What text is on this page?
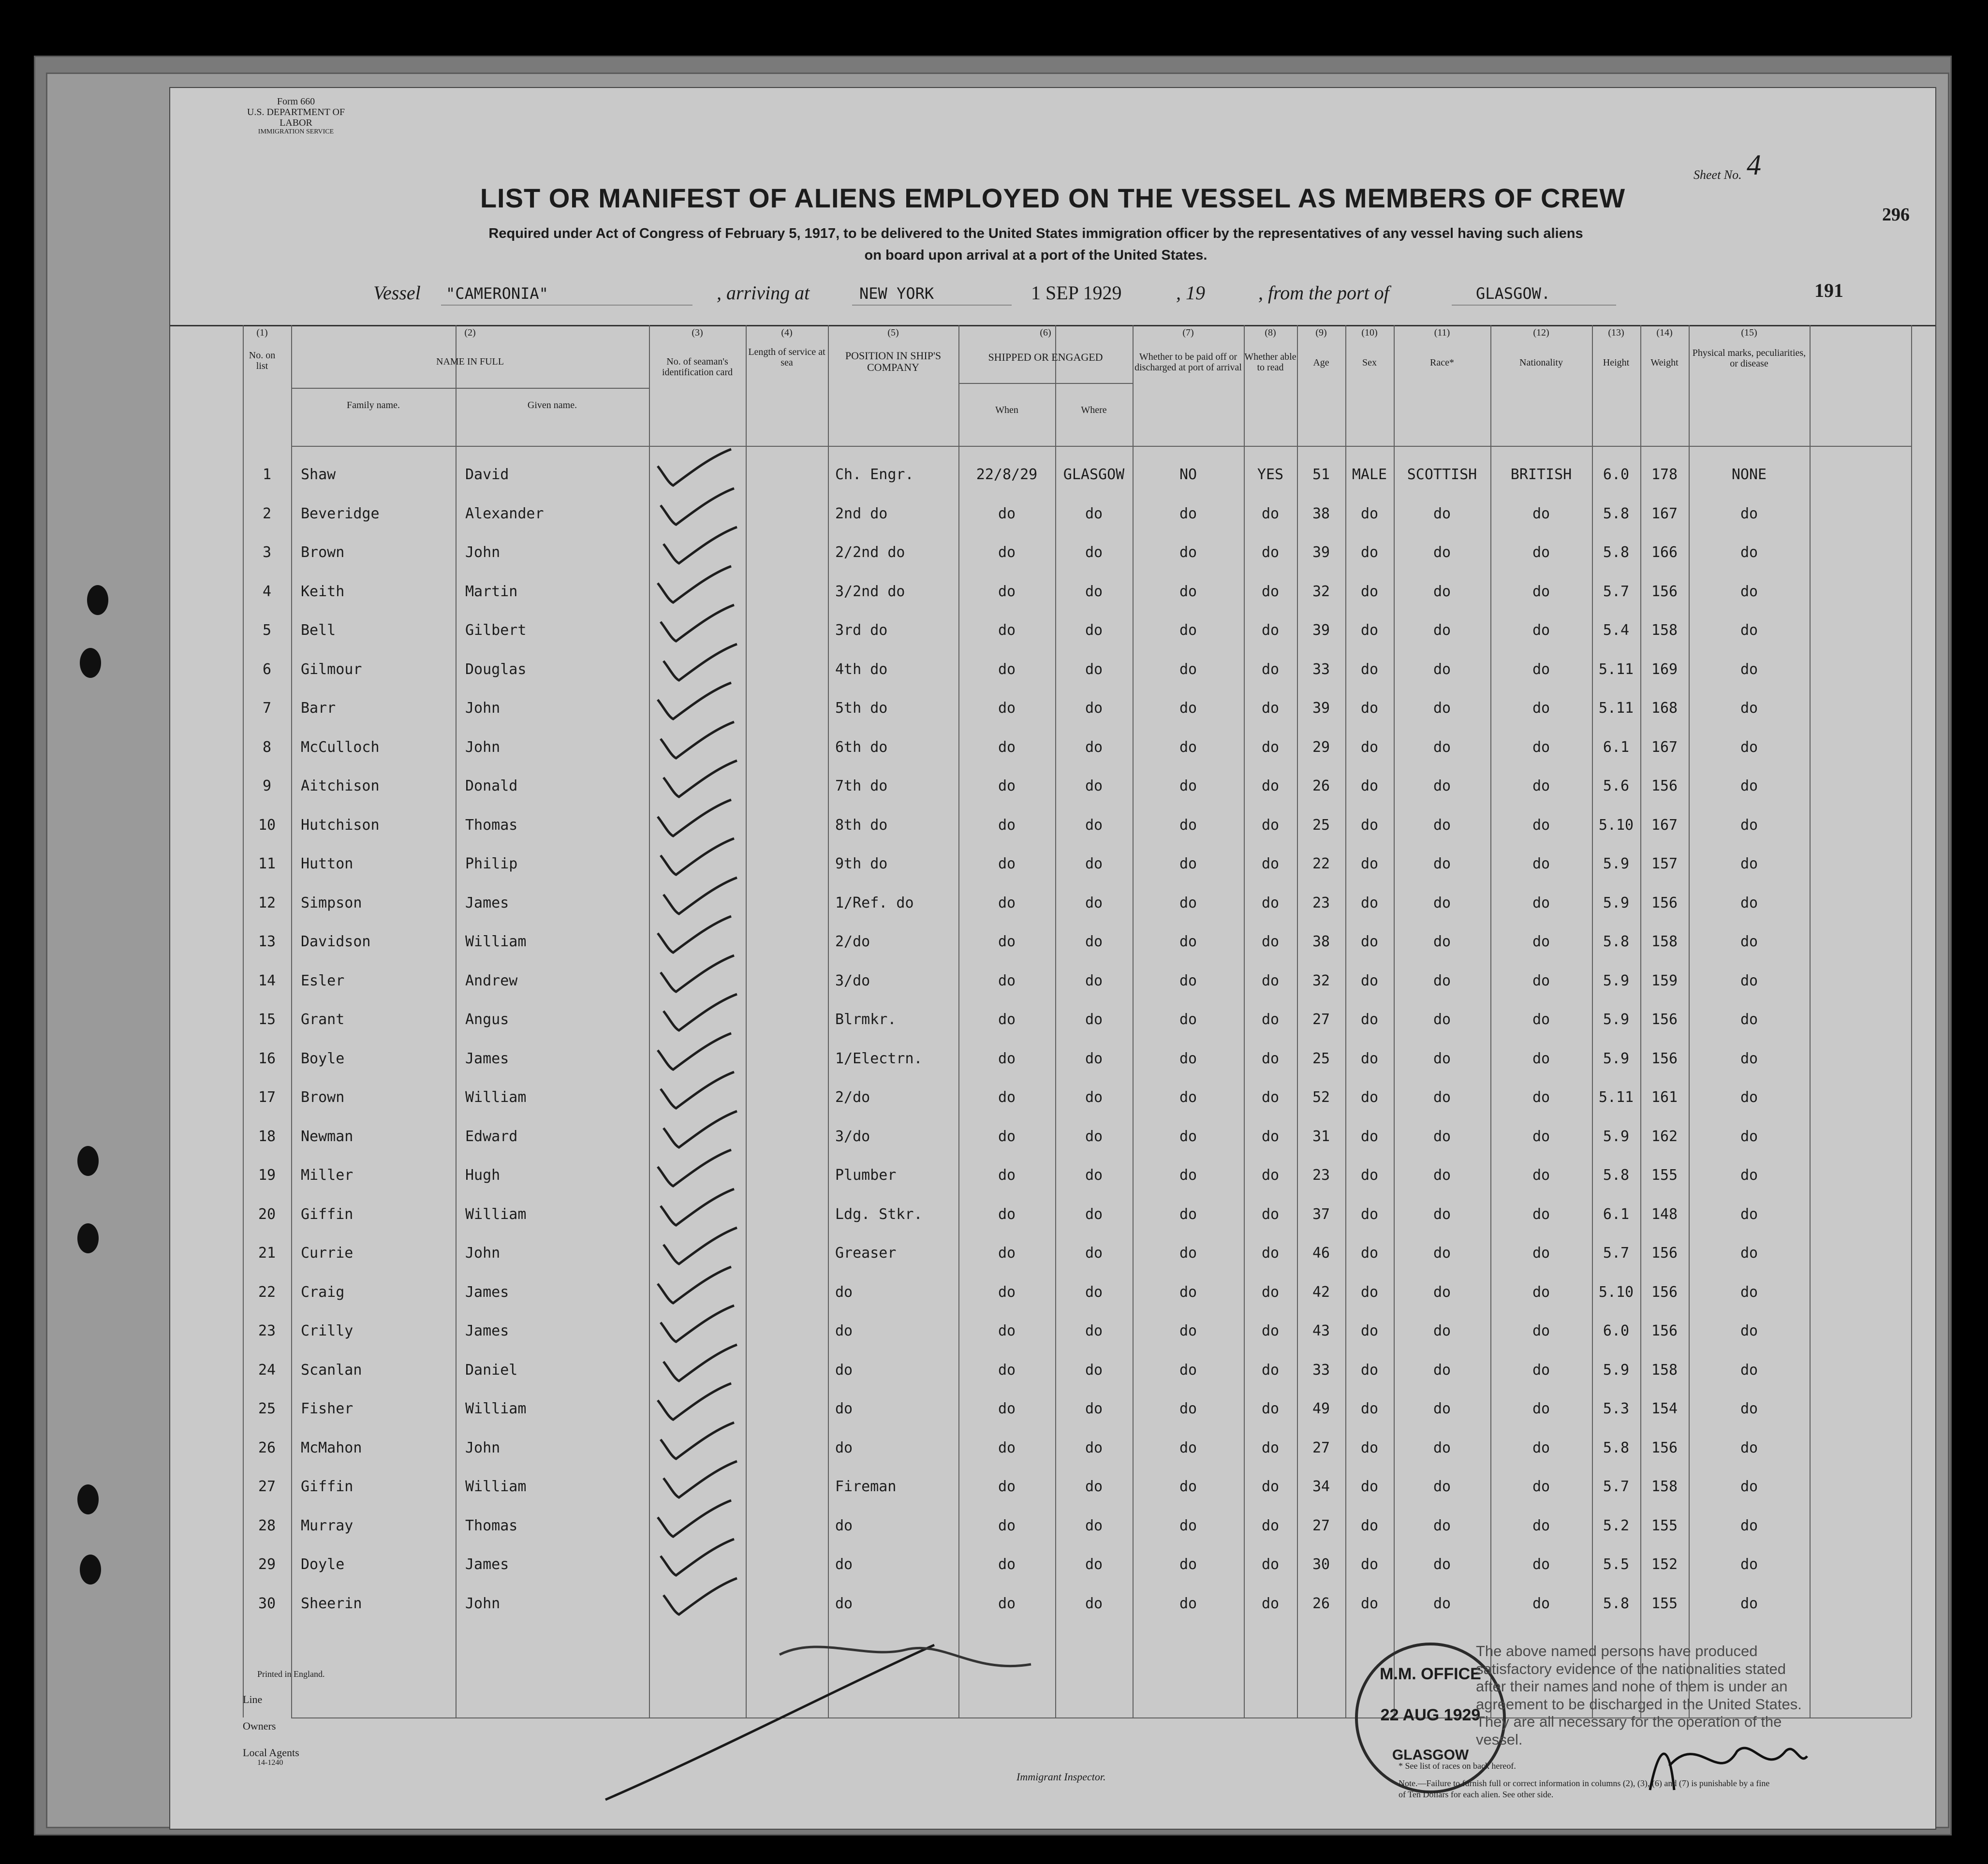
Form 660
U.S. DEPARTMENT OF LABOR
IMMIGRATION SERVICE
Sheet No. 4
296
191
LIST OR MANIFEST OF ALIENS EMPLOYED ON THE VESSEL AS MEMBERS OF CREW
Required under Act of Congress of February 5, 1917, to be delivered to the United States immigration officer by the representatives of any vessel having such aliens
on board upon arrival at a port of the United States.
Vessel "CAMERONIA"	, arriving at	NEW YORK	1 SEP 1929	, 19	, from the port of	GLASGOW.
(1)
No. on list
(2)
NAME IN FULL
Family name.	Given name.
(3)
No. of seaman's identification card
(4)
Length of service at sea
(5)
POSITION IN SHIP'S COMPANY
(6)
SHIPPED OR ENGAGED
When	Where
(7)
Whether to be paid off or discharged at port of arrival
(8)
Whether able to read
(9)
Age
(10)
Sex
(11)
Race*
(12)
Nationality
(13)
Height
(14)
Weight
(15)
Physical marks, peculiarities, or disease
1	Shaw	David	Ch. Engr.	22/8/29	GLASGOW	NO	YES	51	MALE	SCOTTISH	BRITISH	6.0	178	NONE
2	Beveridge	Alexander	2nd do	do	do	do	do	38	do	do	do	5.8	167	do
3	Brown	John	2/2nd do	do	do	do	do	39	do	do	do	5.8	166	do
4	Keith	Martin	3/2nd do	do	do	do	do	32	do	do	do	5.7	156	do
5	Bell	Gilbert	3rd do	do	do	do	do	39	do	do	do	5.4	158	do
6	Gilmour	Douglas	4th do	do	do	do	do	33	do	do	do	5.11	169	do
7	Barr	John	5th do	do	do	do	do	39	do	do	do	5.11	168	do
8	McCulloch	John	6th do	do	do	do	do	29	do	do	do	6.1	167	do
9	Aitchison	Donald	7th do	do	do	do	do	26	do	do	do	5.6	156	do
10	Hutchison	Thomas	8th do	do	do	do	do	25	do	do	do	5.10	167	do
11	Hutton	Philip	9th do	do	do	do	do	22	do	do	do	5.9	157	do
12	Simpson	James	1/Ref. do	do	do	do	do	23	do	do	do	5.9	156	do
13	Davidson	William	2/do	do	do	do	do	38	do	do	do	5.8	158	do
14	Esler	Andrew	3/do	do	do	do	do	32	do	do	do	5.9	159	do
15	Grant	Angus	Blrmkr.	do	do	do	do	27	do	do	do	5.9	156	do
16	Boyle	James	1/Electrn.	do	do	do	do	25	do	do	do	5.9	156	do
17	Brown	William	2/do	do	do	do	do	52	do	do	do	5.11	161	do
18	Newman	Edward	3/do	do	do	do	do	31	do	do	do	5.9	162	do
19	Miller	Hugh	Plumber	do	do	do	do	23	do	do	do	5.8	155	do
20	Giffin	William	Ldg. Stkr.	do	do	do	do	37	do	do	do	6.1	148	do
21	Currie	John	Greaser	do	do	do	do	46	do	do	do	5.7	156	do
22	Craig	James	do	do	do	do	do	42	do	do	do	5.10	156	do
23	Crilly	James	do	do	do	do	do	43	do	do	do	6.0	156	do
24	Scanlan	Daniel	do	do	do	do	do	33	do	do	do	5.9	158	do
25	Fisher	William	do	do	do	do	do	49	do	do	do	5.3	154	do
26	McMahon	John	do	do	do	do	do	27	do	do	do	5.8	156	do
27	Giffin	William	Fireman	do	do	do	do	34	do	do	do	5.7	158	do
28	Murray	Thomas	do	do	do	do	do	27	do	do	do	5.2	155	do
29	Doyle	James	do	do	do	do	do	30	do	do	do	5.5	152	do
30	Sheerin	John	do	do	do	do	do	26	do	do	do	5.8	155	do
Printed in England.
Line
Owners
Local Agents
14-1240
Immigrant Inspector.
M.M. OFFICE
22 AUG 1929
GLASGOW
The above named persons have produced satisfactory evidence of the nationalities stated after their names and none of them is under an agreement to be discharged in the United States. They are all necessary for the operation of the vessel.
* See list of races on back hereof.
Note.—Failure to furnish full or correct information in columns (2), (3), (6) and (7) is punishable by a fine of Ten Dollars for each alien. See other side.
